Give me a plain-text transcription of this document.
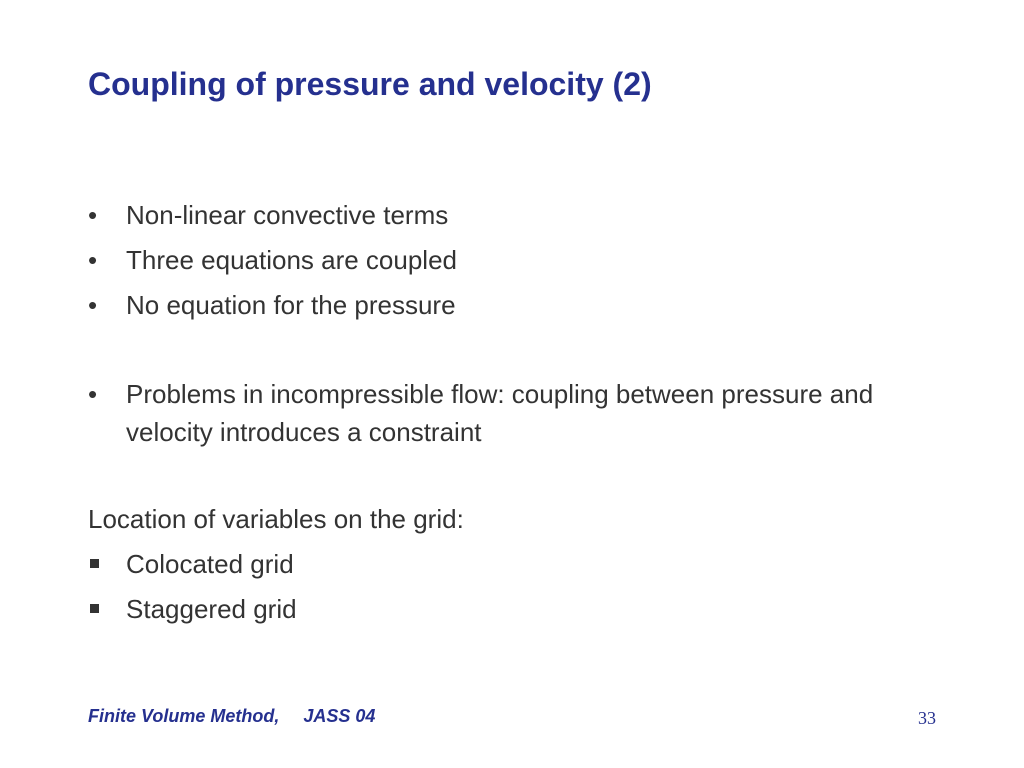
Coupling of pressure and velocity (2)
•	Non-linear convective terms
•	Three equations are coupled
•	No equation for the pressure
•	Problems in incompressible flow: coupling between pressure and velocity introduces a constraint

Location of variables on the grid:

Colocated grid
Staggered grid
Finite Volume Method, JASS 04	33
